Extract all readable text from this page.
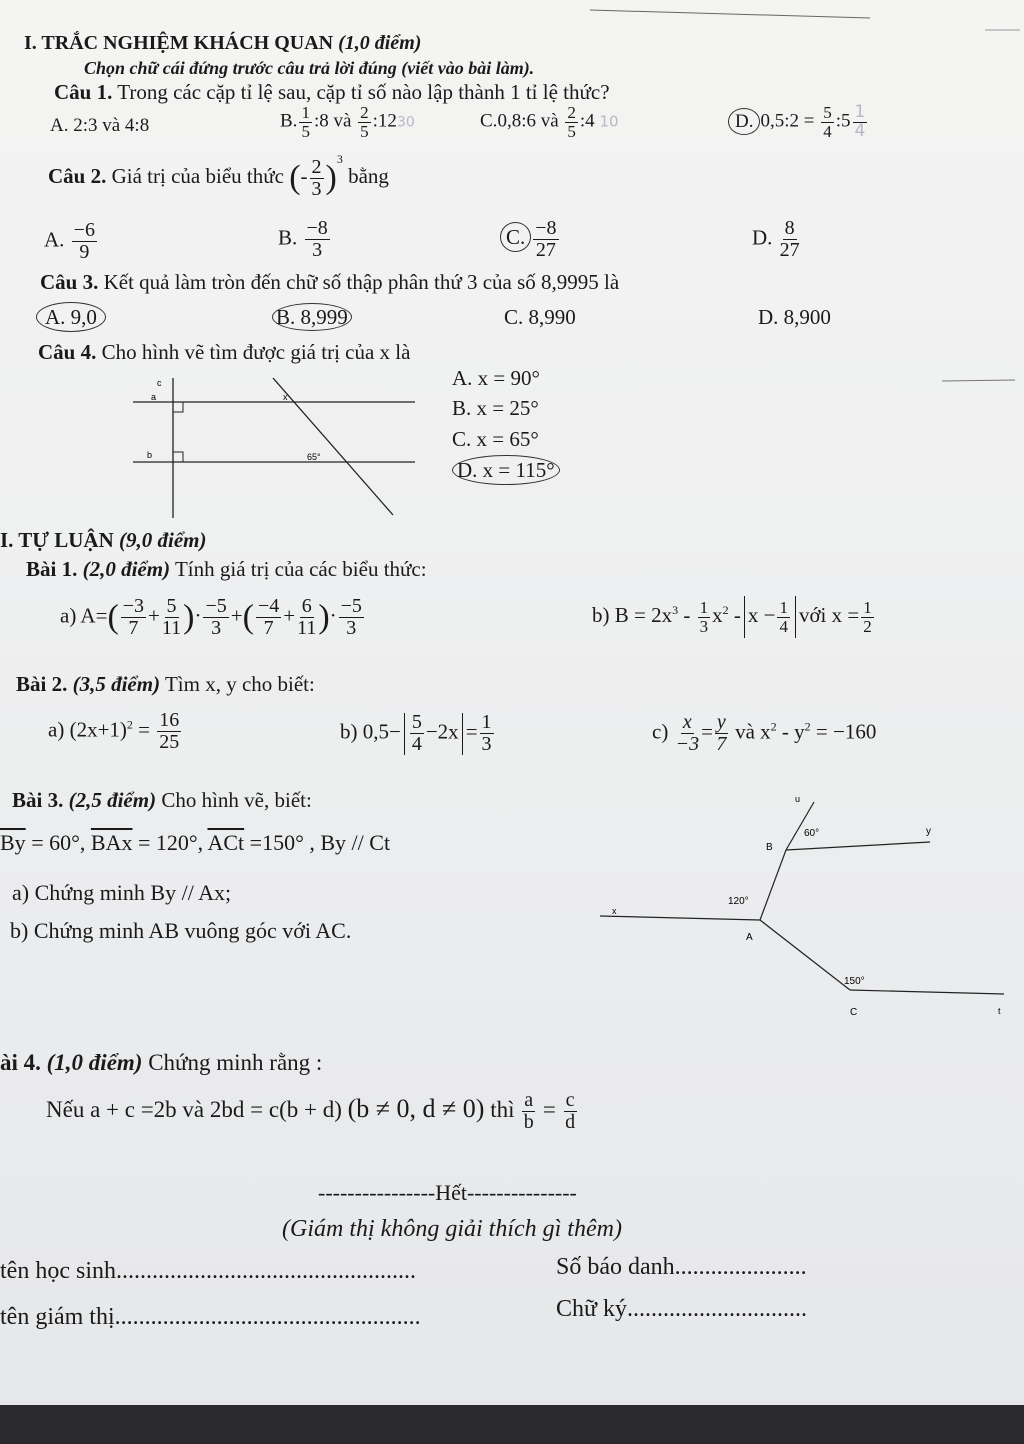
I. TRẮC NGHIỆM KHÁCH QUAN (1,0 điểm)
Chọn chữ cái đứng trước câu trả lời đúng (viết vào bài làm).
Câu 1. Trong các cặp tỉ lệ sau, cặp tỉ số nào lập thành 1 tỉ lệ thức?
A. 2:3 và 4:8	B. $\frac{1}{5}$ :8 và $\frac{2}{5}$ :1230	C.0,8:6 và $\frac{2}{5}$ :4 10	D. 0,5:2 = $\frac{5}{4}$ :5 $\frac{1}{4}$
Câu 2. Giá trị của biểu thức (- $\frac{2}{3} )^3$ bằng
A. $\frac{-6}{9}$	B. $\frac{-8}{3}$	C. $\frac{-8}{27}$	D. $\frac{8}{27}$
Câu 3. Kết quả làm tròn đến chữ số thập phân thứ 3 của số 8,9995 là
A. 9,0	B. 8,999	C. 8,990	D. 8,900
Câu 4. Cho hình vẽ tìm được giá trị của x là
c
a
b
x
65°
A. x = 90°
B. x = 25°
C. x = 65°
D. x = 115°
I. TỰ LUẬN (9,0 điểm)
Bài 1. (2,0 điểm) Tính giá trị của các biểu thức:
a) $A=( \frac{-3}{7} + \frac{5}{11}$ )· $\frac{-5}{3}$ +( $\frac{-4}{7} + \frac{6}{11}$ )· $\frac{-5}{3}$	b) $B = 2x^3 - \frac{1}{3} x^2 - x - \frac{1}{4}$ với $x = \frac{1}{2}$
Bài 2. (3,5 điểm) Tìm x, y cho biết:
a) $(2x+1)^2 = \frac{16}{25}$	b) $0,5- \frac{5}{4} -2x = \frac{1}{3}$	$c) \frac{x}{-3} = \frac{y}{7}$ và $x^2 - y^2 = -160$
Bài 3. (2,5 điểm) Cho hình vẽ, biết:
$\overline{By} = 60^\circ$, $\overline{BAx} = 120^\circ$, $\overline{ACt} =150^\circ$ , By // Ct
a) Chứng minh By // Ax;
b) Chứng minh AB vuông góc với AC.
u
B
60°	y
x
120°
A
150°
C	t
ài 4. (1,0 điểm) Chứng minh rằng :
Nếu a + c =2b và 2bd = c(b + d) (b ≠ 0, d ≠ 0) thì $\frac{a}{b} = \frac{c}{d}$
----------------Hết---------------
(Giám thị không giải thích gì thêm)
tên học sinh..................................................	Số báo danh......................
tên giám thị...................................................	Chữ ký..............................
